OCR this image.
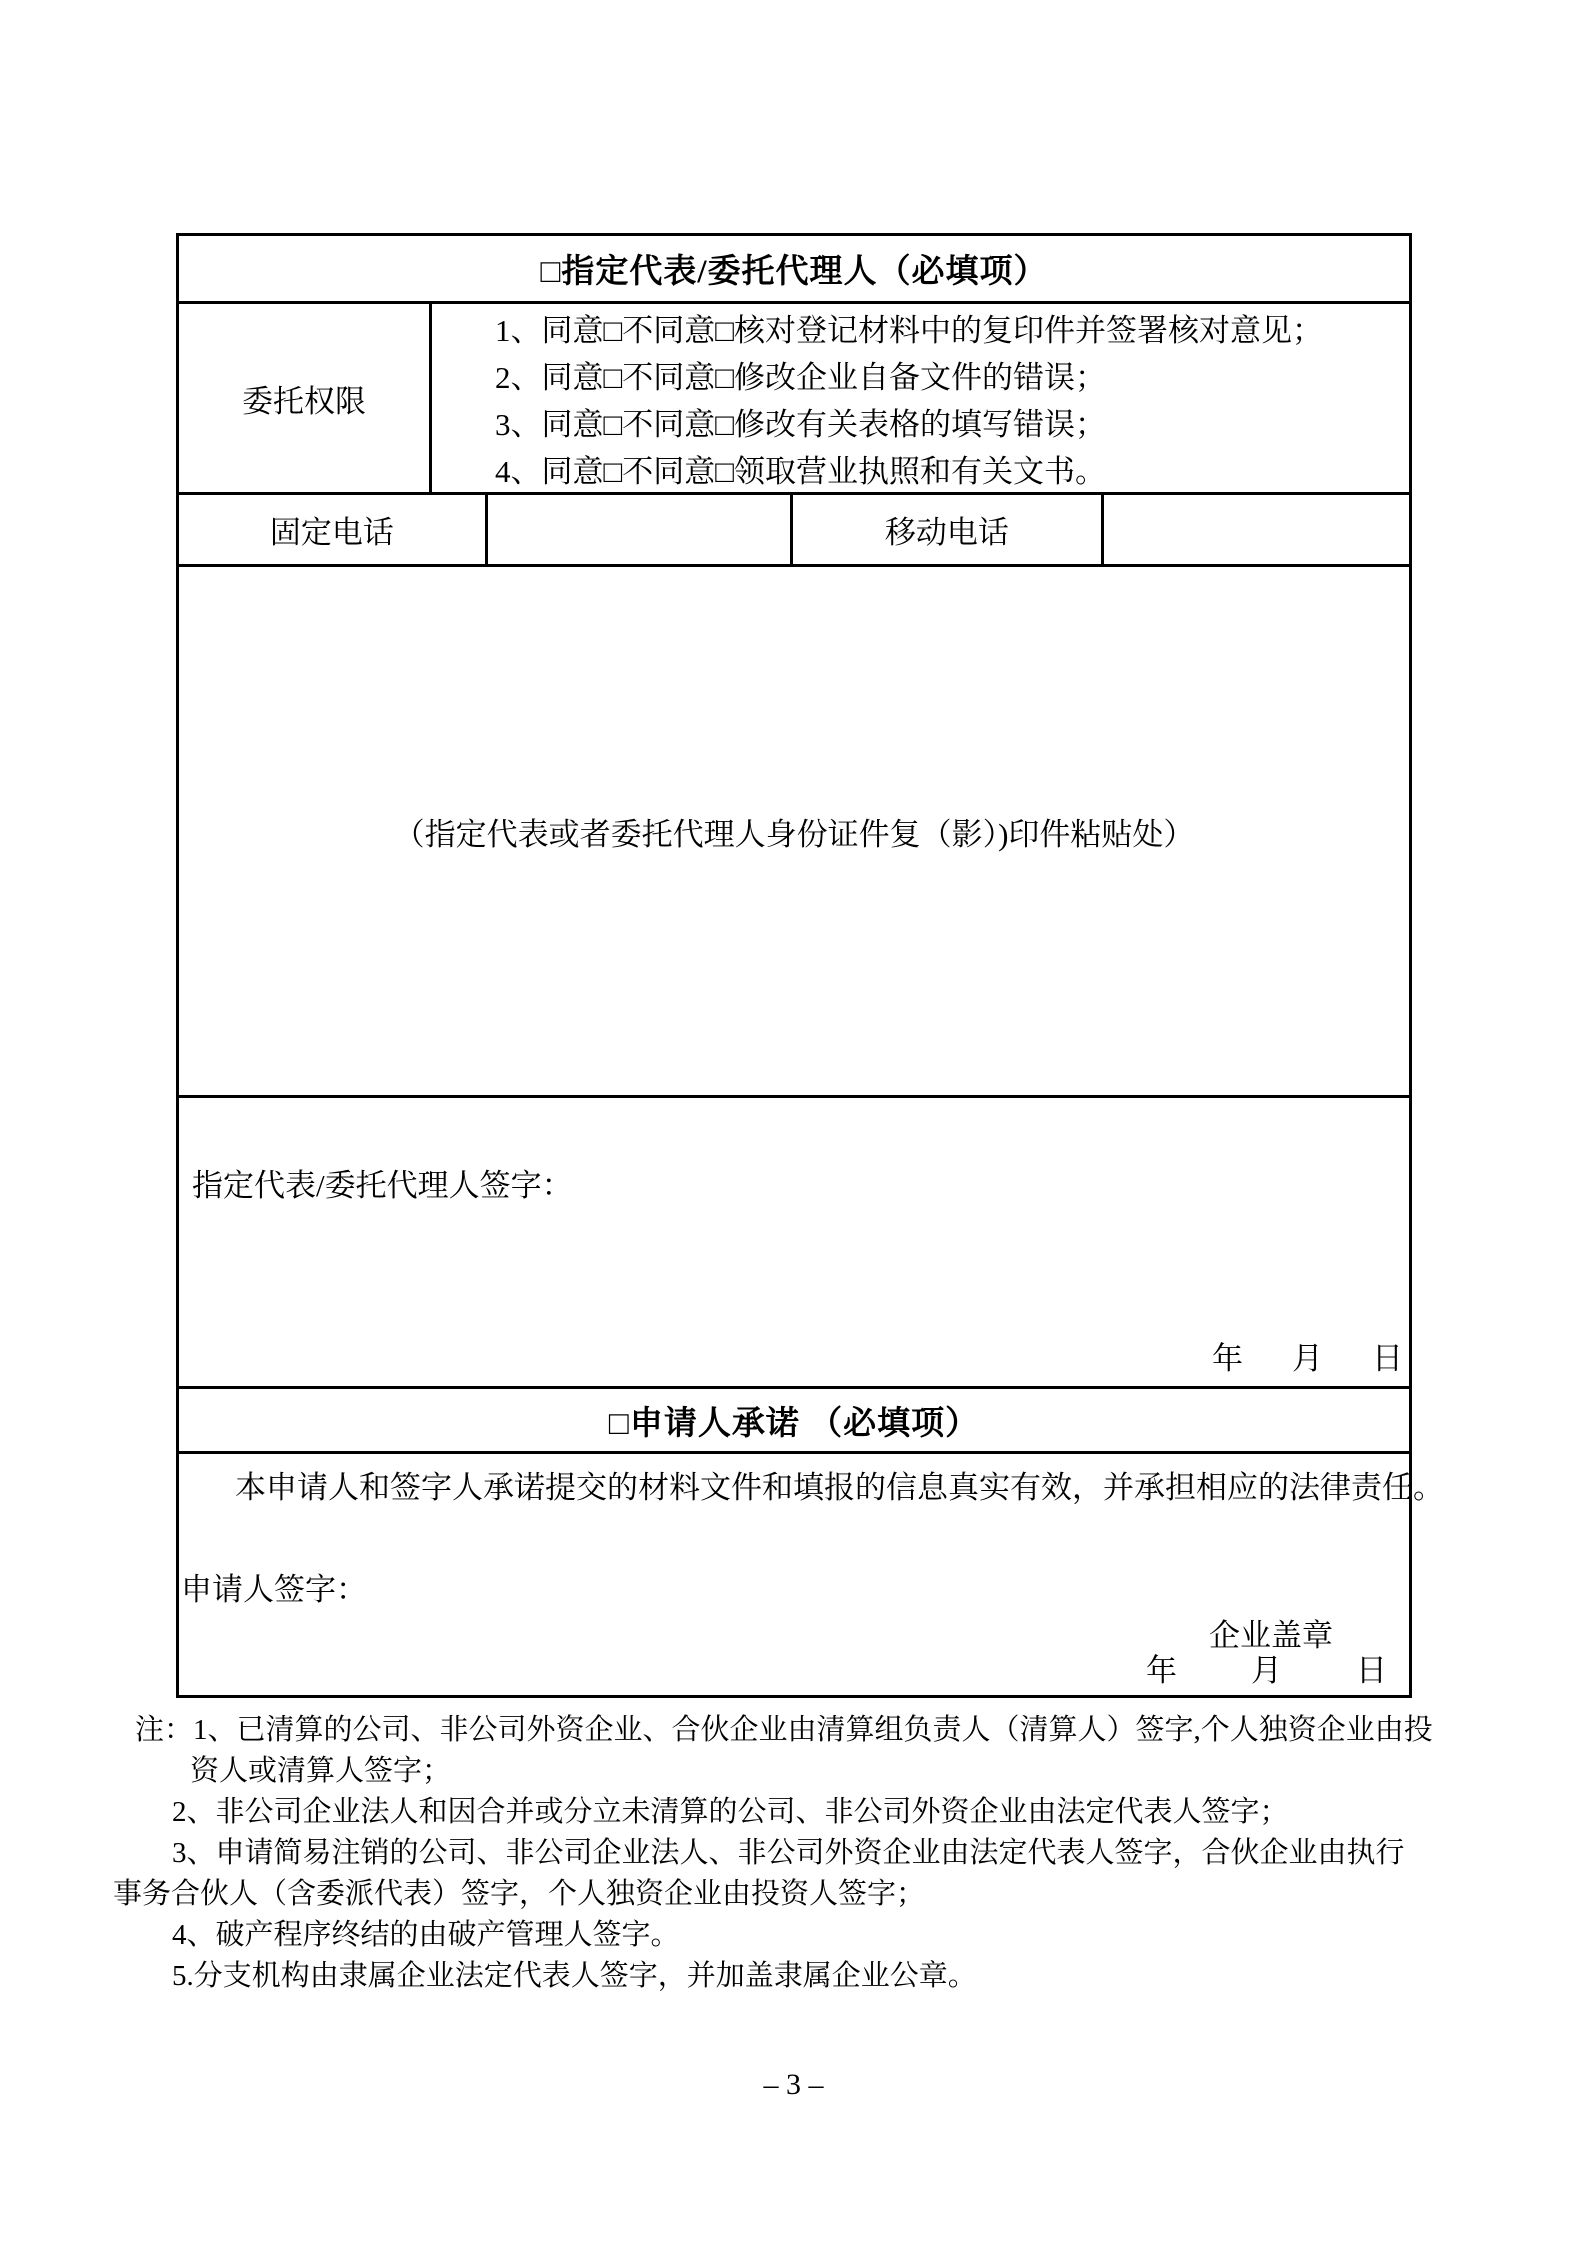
□指定代表/委托代理人（必填项）
委托权限
1、同意□不同意□核对登记材料中的复印件并签署核对意见；
2、同意□不同意□修改企业自备文件的错误；
3、同意□不同意□修改有关表格的填写错误；
4、同意□不同意□领取营业执照和有关文书。
固定电话	移动电话
（指定代表或者委托代理人身份证件复（影）)印件粘贴处）
指定代表/委托代理人签字：
年 月 日
□申请人承诺 （必填项）
本申请人和签字人承诺提交的材料文件和填报的信息真实有效，并承担相应的法律责任。
申请人签字：
企业盖章
年 月 日
注：1、已清算的公司、非公司外资企业、合伙企业由清算组负责人（清算人）签字,个人独资企业由投
资人或清算人签字；
2、非公司企业法人和因合并或分立未清算的公司、非公司外资企业由法定代表人签字；
3、申请简易注销的公司、非公司企业法人、非公司外资企业由法定代表人签字，合伙企业由执行
事务合伙人（含委派代表）签字，个人独资企业由投资人签字；
4、破产程序终结的由破产管理人签字。
5.分支机构由隶属企业法定代表人签字，并加盖隶属企业公章。
– 3 –
